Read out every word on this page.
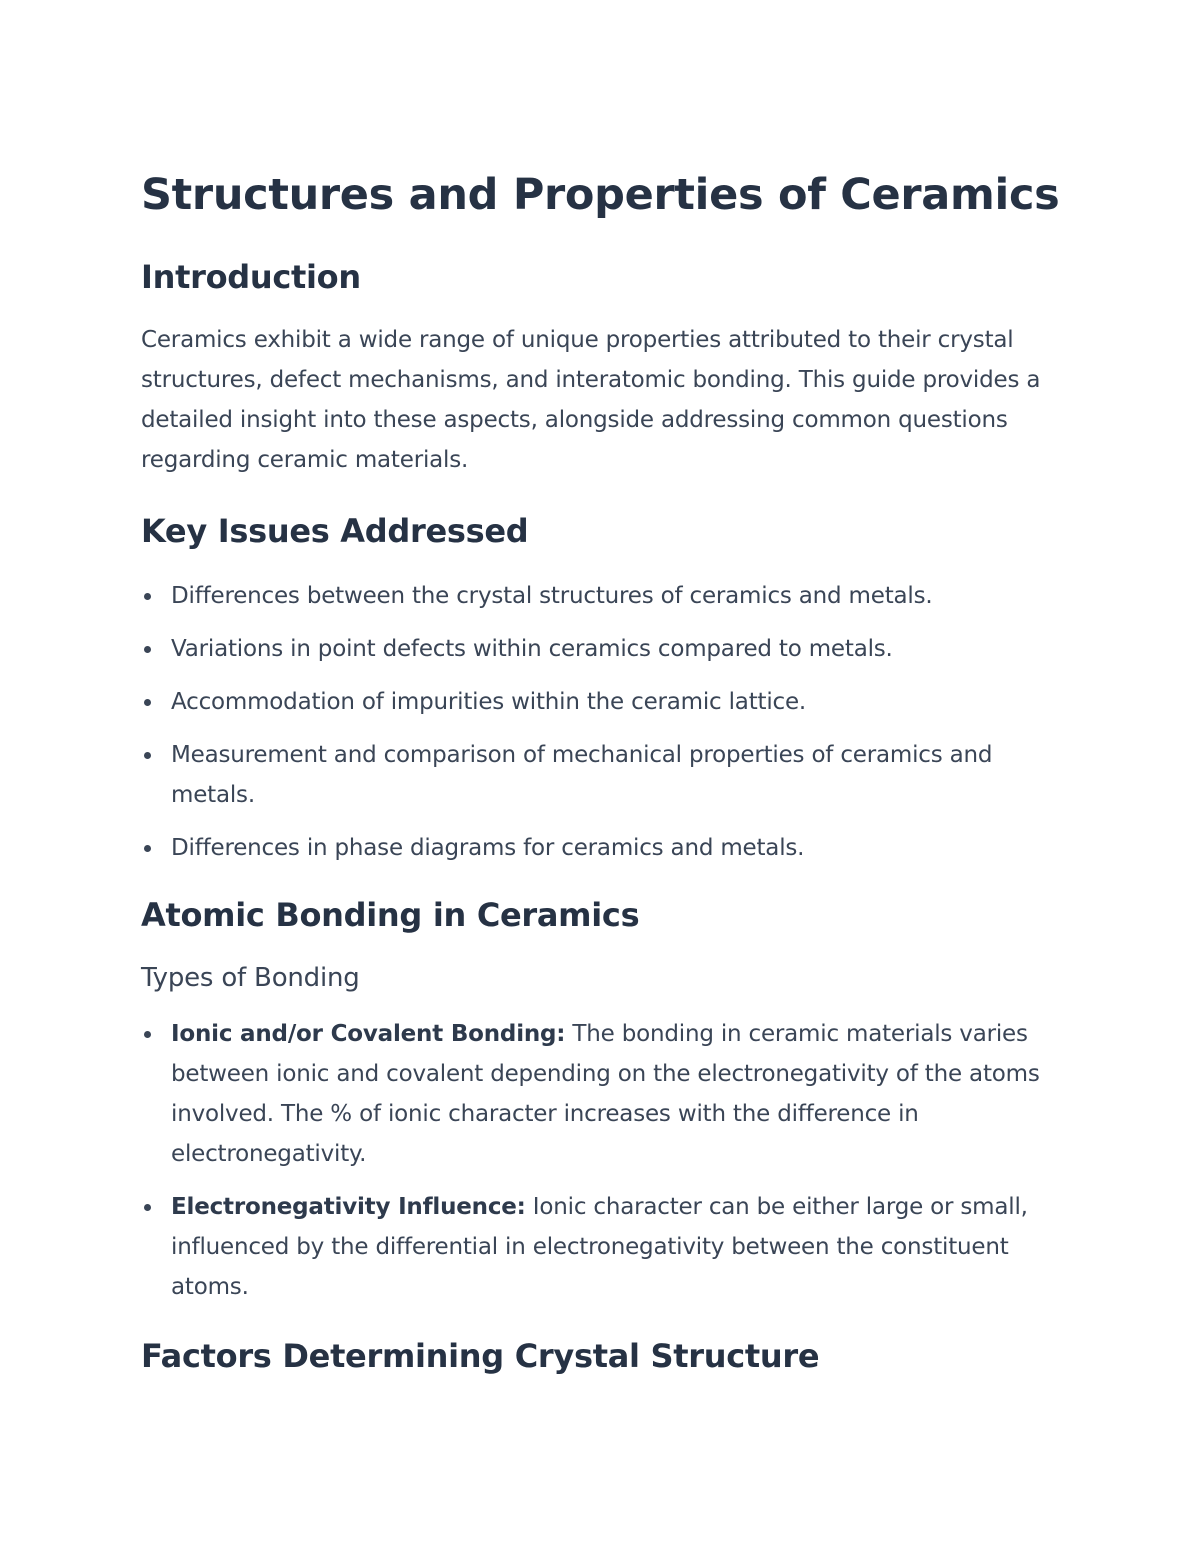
Structures and Properties of Ceramics
Introduction

Ceramics exhibit a wide range of unique properties attributed to their crystal structures, defect mechanisms, and interatomic bonding. This guide provides a detailed insight into these aspects, alongside addressing common questions regarding ceramic materials.

Key Issues Addressed
Differences between the crystal structures of ceramics and metals.
Variations in point defects within ceramics compared to metals.
Accommodation of impurities within the ceramic lattice.
Measurement and comparison of mechanical properties of ceramics and metals.
Differences in phase diagrams for ceramics and metals.
Atomic Bonding in Ceramics
Types of Bonding
Ionic and/or Covalent Bonding: The bonding in ceramic materials varies between ionic and covalent depending on the electronegativity of the atoms involved. The % of ionic character increases with the difference in electronegativity.
Electronegativity Influence: Ionic character can be either large or small, influenced by the differential in electronegativity between the constituent atoms.
Factors Determining Crystal Structure
